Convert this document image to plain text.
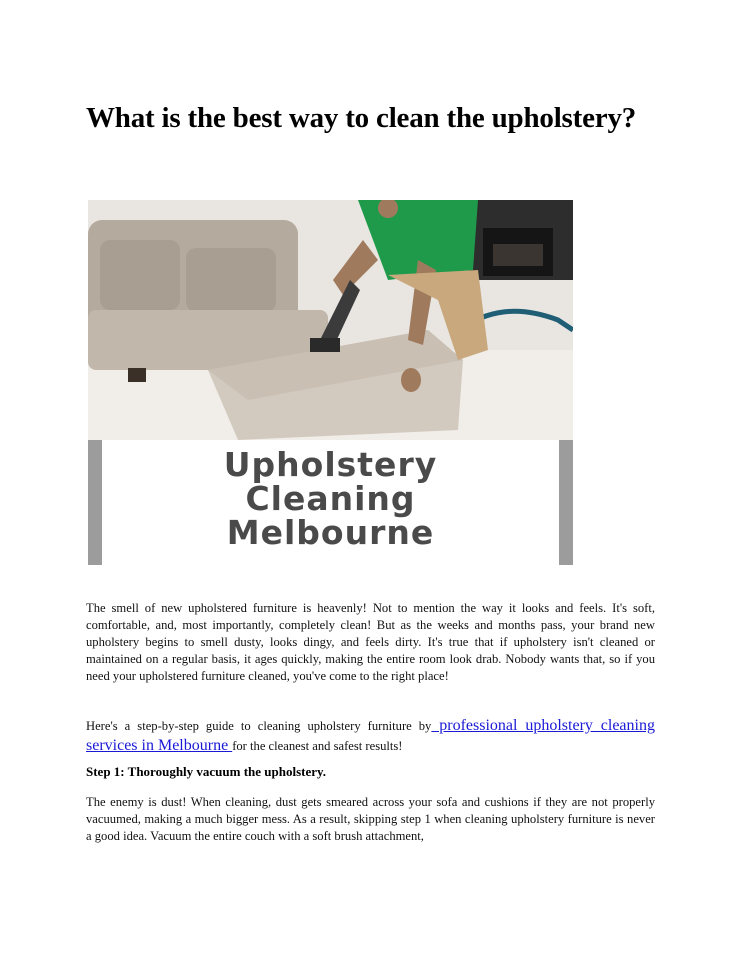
What is the best way to clean the upholstery?
Upholstery
Cleaning
Melbourne

The smell of new upholstered furniture is heavenly! Not to mention the way it looks and feels. It's soft, comfortable, and, most importantly, completely clean! But as the weeks and months pass, your brand new upholstery begins to smell dusty, looks dingy, and feels dirty. It's true that if upholstery isn't cleaned or maintained on a regular basis, it ages quickly, making the entire room look drab. Nobody wants that, so if you need your upholstered furniture cleaned, you've come to the right place!

Here's a step-by-step guide to cleaning upholstery furniture by professional upholstery cleaning services in Melbourne for the cleanest and safest results!

Step 1: Thoroughly vacuum the upholstery.

The enemy is dust! When cleaning, dust gets smeared across your sofa and cushions if they are not properly vacuumed, making a much bigger mess. As a result, skipping step 1 when cleaning upholstery furniture is never a good idea. Vacuum the entire couch with a soft brush attachment,
